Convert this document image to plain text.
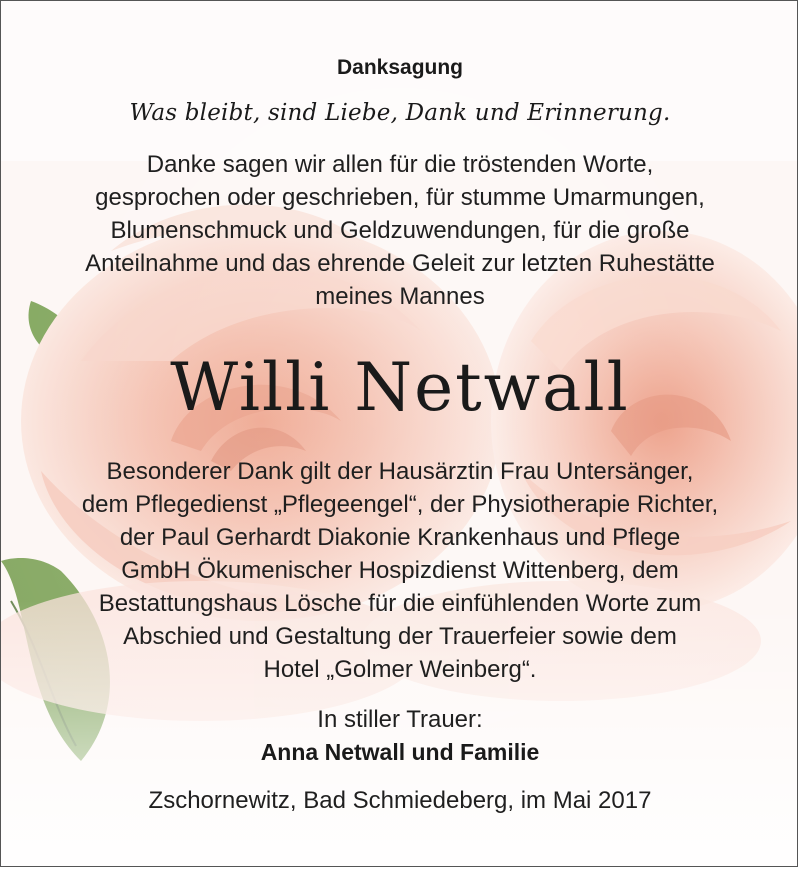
Danksagung
Was bleibt, sind Liebe, Dank und Erinnerung.
Danke sagen wir allen für die tröstenden Worte,
gesprochen oder geschrieben, für stumme Umarmungen,
Blumenschmuck und Geldzuwendungen, für die große
Anteilnahme und das ehrende Geleit zur letzten Ruhestätte
meines Mannes
Willi Netwall
Besonderer Dank gilt der Hausärztin Frau Untersänger,
dem Pflegedienst „Pflegeengel“, der Physiotherapie Richter,
der Paul Gerhardt Diakonie Krankenhaus und Pflege
GmbH Ökumenischer Hospizdienst Wittenberg, dem
Bestattungshaus Lösche für die einfühlenden Worte zum
Abschied und Gestaltung der Trauerfeier sowie dem
Hotel „Golmer Weinberg“.
In stiller Trauer:
Anna Netwall und Familie
Zschornewitz, Bad Schmiedeberg, im Mai 2017
